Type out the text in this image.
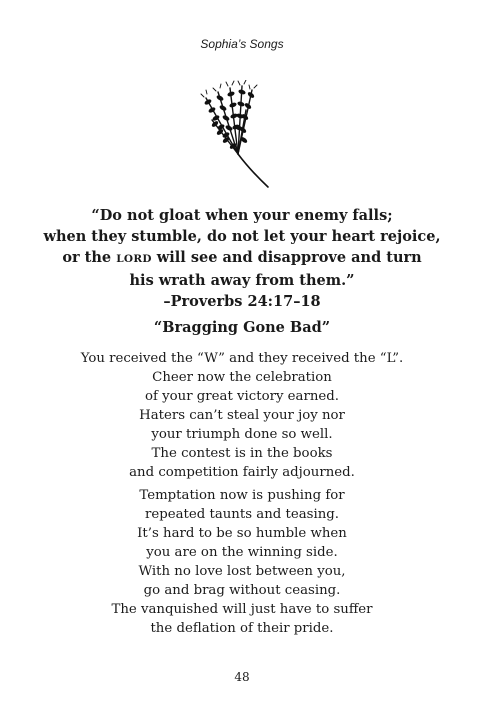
Sophia’s Songs
“Do not gloat when your enemy falls;
when they stumble, do not let your heart rejoice,
or the LORD will see and disapprove and turn
his wrath away from them.”
–Proverbs 24:17–18
“Bragging Gone Bad”
You received the “W” and they received the “L”.
Cheer now the celebration
of your great victory earned.
Haters can’t steal your joy nor
your triumph done so well.
The contest is in the books
and competition fairly adjourned.
Temptation now is pushing for
repeated taunts and teasing.
It’s hard to be so humble when
you are on the winning side.
With no love lost between you,
go and brag without ceasing.
The vanquished will just have to suffer
the deflation of their pride.
48
